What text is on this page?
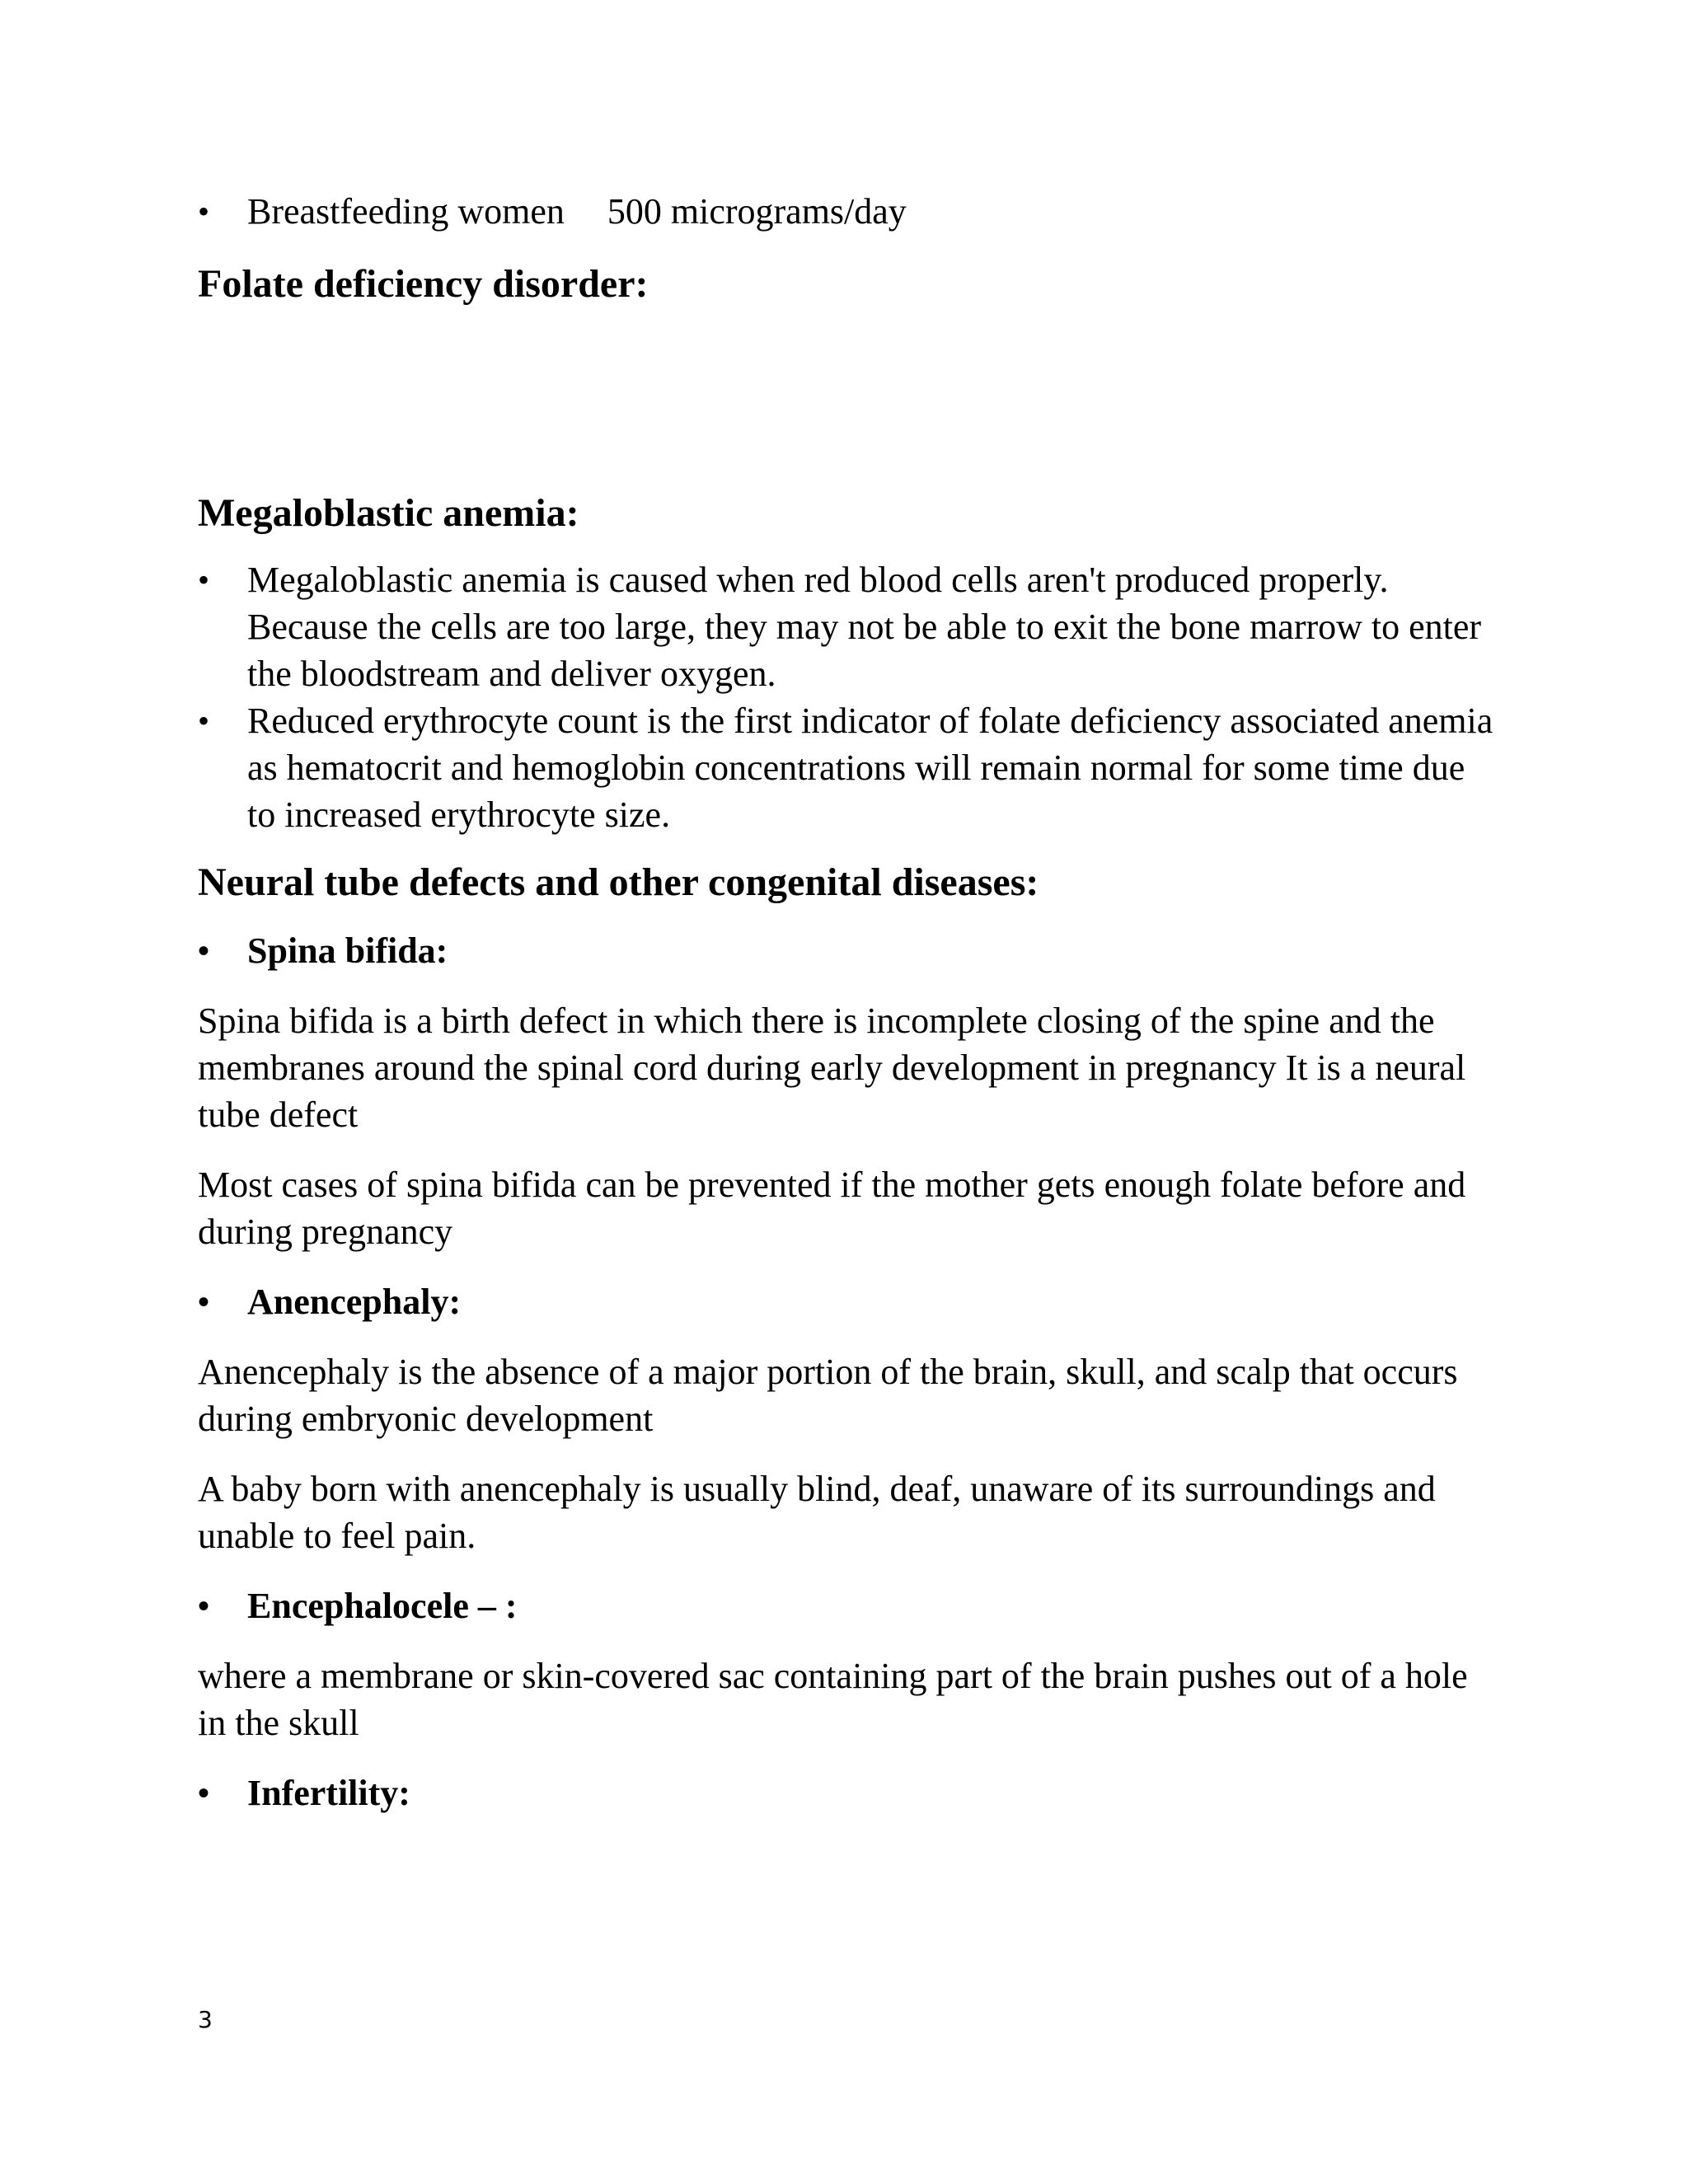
•	Breastfeeding women 500 micrograms/day
Folate deficiency disorder:
Megaloblastic anemia:
•	Megaloblastic anemia is caused when red blood cells aren't produced properly. Because the cells are too large, they may not be able to exit the bone marrow to enter the bloodstream and deliver oxygen.
•	Reduced erythrocyte count is the first indicator of folate deficiency associated anemia as hematocrit and hemoglobin concentrations will remain normal for some time due to increased erythrocyte size.
Neural tube defects and other congenital diseases:
•	Spina bifida:

Spina bifida is a birth defect in which there is incomplete closing of the spine and the membranes around the spinal cord during early development in pregnancy It is a neural tube defect

Most cases of spina bifida can be prevented if the mother gets enough folate before and during pregnancy

•	Anencephaly:

Anencephaly is the absence of a major portion of the brain, skull, and scalp that occurs during embryonic development

A baby born with anencephaly is usually blind, deaf, unaware of its surroundings and unable to feel pain.

•	Encephalocele – :

where a membrane or skin-covered sac containing part of the brain pushes out of a hole in the skull

•	Infertility:
3
